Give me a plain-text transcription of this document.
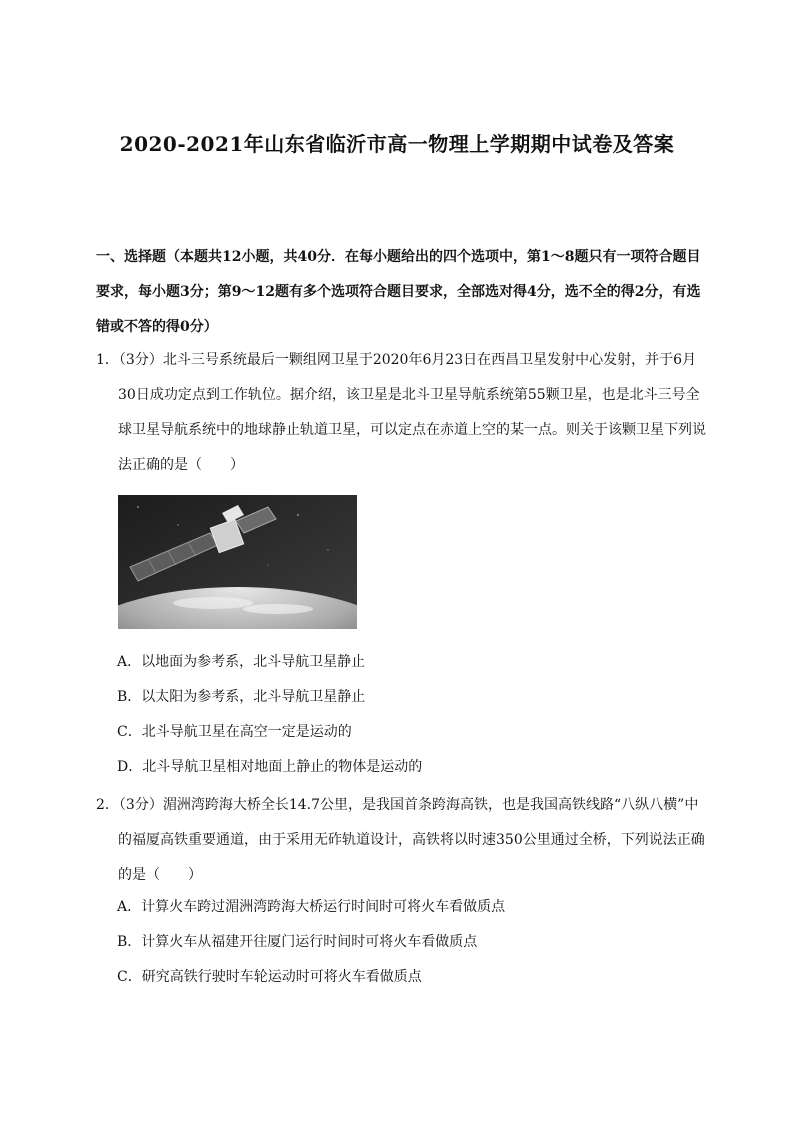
2020-2021年山东省临沂市高一物理上学期期中试卷及答案
一、选择题（本题共12小题，共40分．在每小题给出的四个选项中，第1～8题只有一项符合题目要求，每小题3分；第9～12题有多个选项符合题目要求，全部选对得4分，选不全的得2分，有选错或不答的得0分）
1．（3分）北斗三号系统最后一颗组网卫星于2020年6月23日在西昌卫星发射中心发射，并于6月30日成功定点到工作轨位。据介绍，该卫星是北斗卫星导航系统第55颗卫星，也是北斗三号全球卫星导航系统中的地球静止轨道卫星，可以定点在赤道上空的某一点。则关于该颗卫星下列说法正确的是（　　）
A．以地面为参考系，北斗导航卫星静止
B．以太阳为参考系，北斗导航卫星静止
C．北斗导航卫星在高空一定是运动的
D．北斗导航卫星相对地面上静止的物体是运动的
2．（3分）湄洲湾跨海大桥全长14.7公里，是我国首条跨海高铁，也是我国高铁线路“八纵八横”中的福厦高铁重要通道，由于采用无砟轨道设计，高铁将以时速350公里通过全桥，下列说法正确的是（　　）
A．计算火车跨过湄洲湾跨海大桥运行时间时可将火车看做质点
B．计算火车从福建开往厦门运行时间时可将火车看做质点
C．研究高铁行驶时车轮运动时可将火车看做质点
